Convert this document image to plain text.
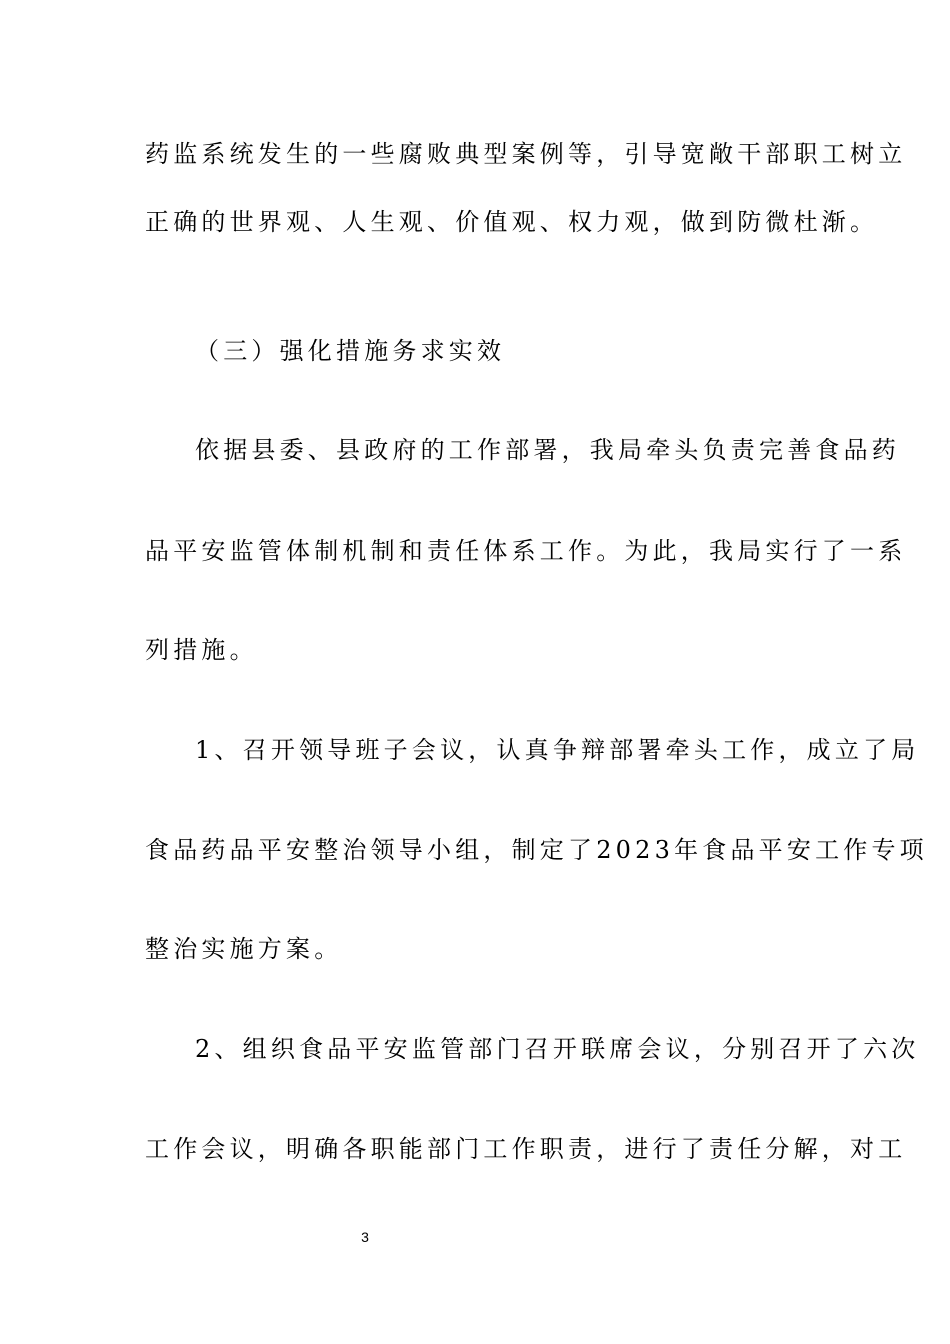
药监系统发生的一些腐败典型案例等，引导宽敞干部职工树立
正确的世界观、人生观、价值观、权力观，做到防微杜渐。
（三）强化措施务求实效
依据县委、县政府的工作部署，我局牵头负责完善食品药
品平安监管体制机制和责任体系工作。为此，我局实行了一系
列措施。
1、召开领导班子会议，认真争辩部署牵头工作，成立了局
食品药品平安整治领导小组，制定了2023年食品平安工作专项
整治实施方案。
2、组织食品平安监管部门召开联席会议，分别召开了六次
工作会议，明确各职能部门工作职责，进行了责任分解，对工
3
